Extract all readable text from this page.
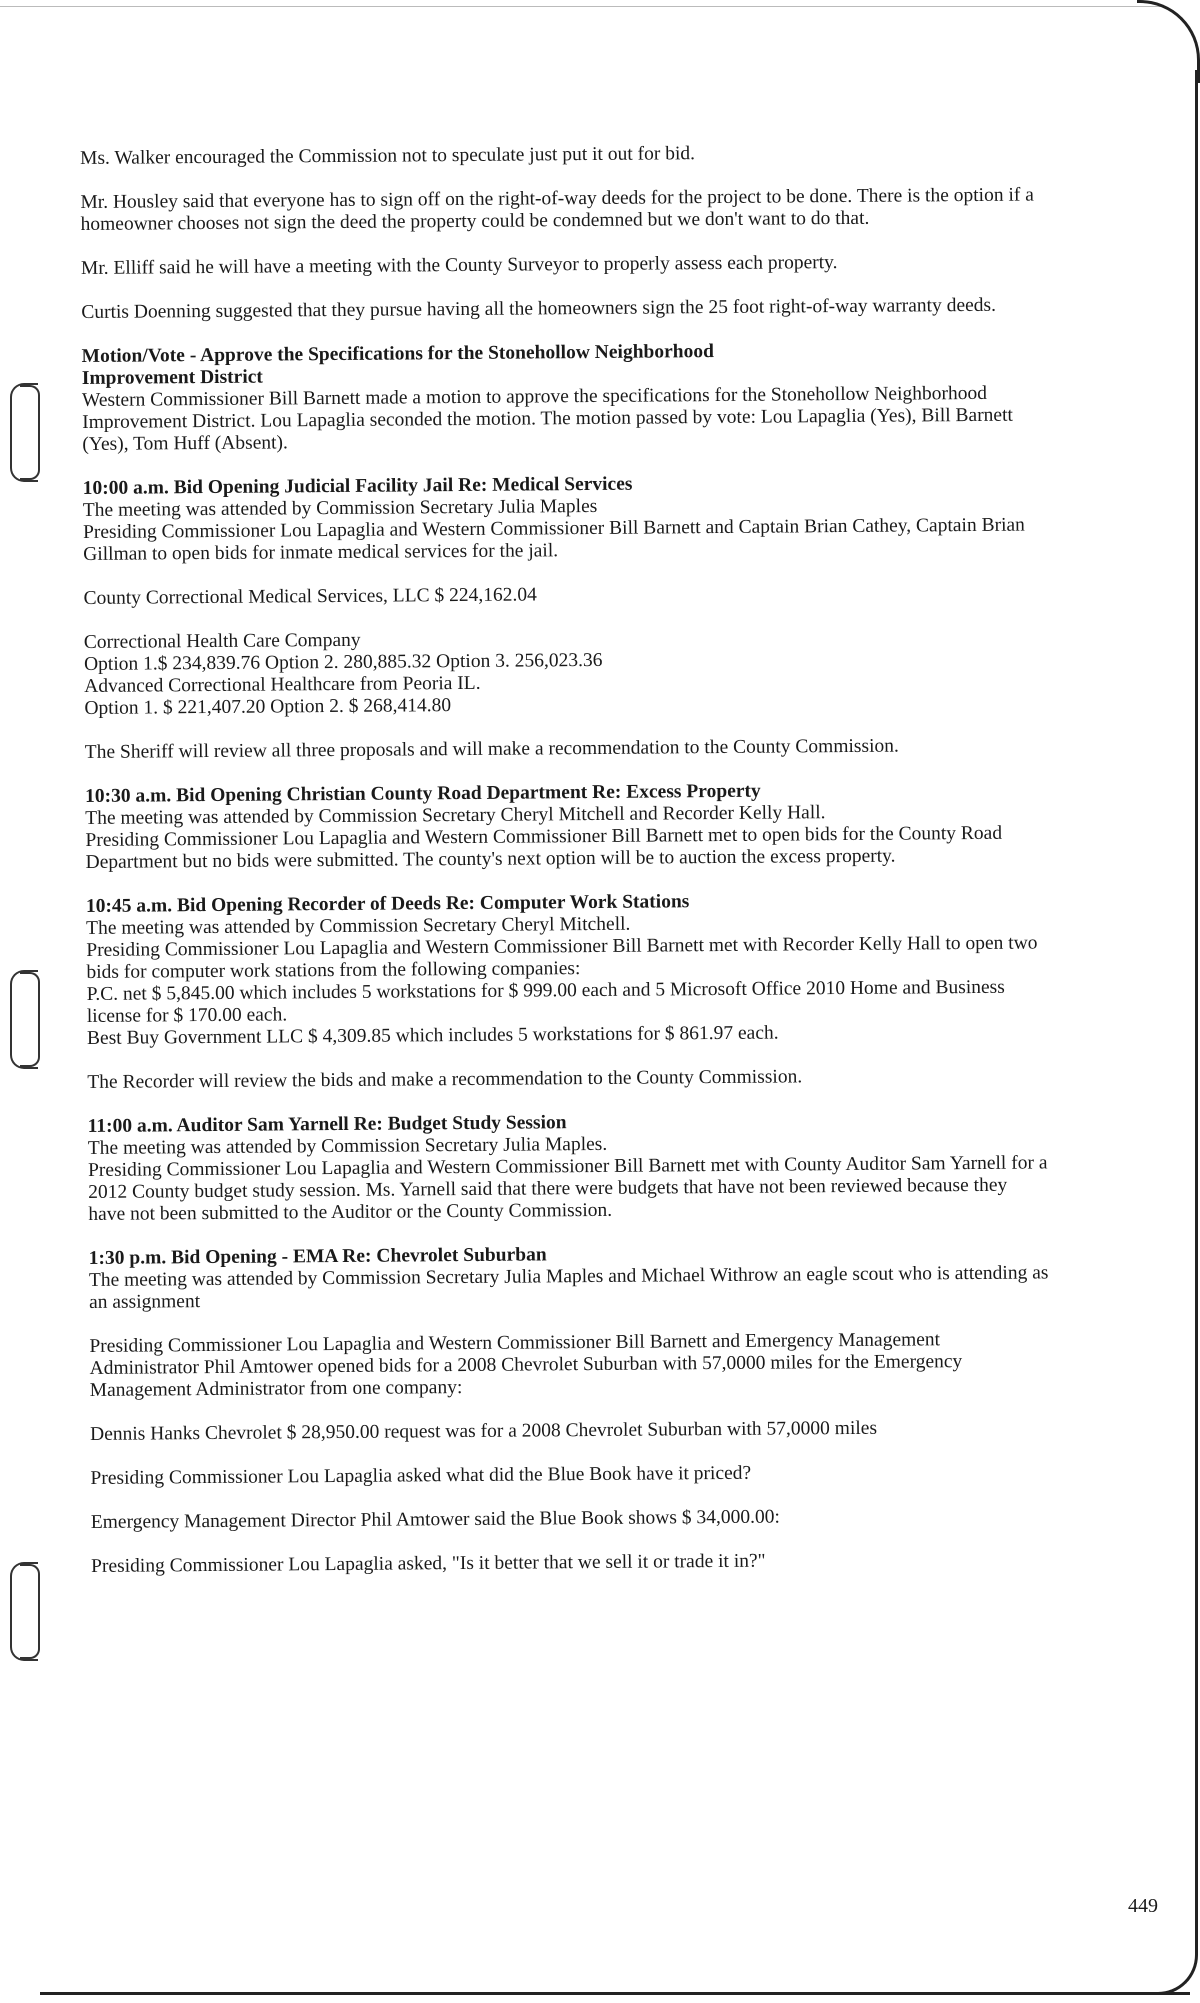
Ms. Walker encouraged the Commission not to speculate just put it out for bid.

Mr. Housley said that everyone has to sign off on the right-of-way deeds for the project to be done. There is the option if a homeowner chooses not sign the deed the property could be condemned but we don't want to do that.

Mr. Elliff said he will have a meeting with the County Surveyor to properly assess each property.

Curtis Doenning suggested that they pursue having all the homeowners sign the 25 foot right-of-way warranty deeds.

Motion/Vote - Approve the Specifications for the Stonehollow Neighborhood

Improvement District

Western Commissioner Bill Barnett made a motion to approve the specifications for the Stonehollow Neighborhood Improvement District. Lou Lapaglia seconded the motion. The motion passed by vote: Lou Lapaglia (Yes), Bill Barnett (Yes), Tom Huff (Absent).

10:00 a.m. Bid Opening Judicial Facility Jail Re: Medical Services

The meeting was attended by Commission Secretary Julia Maples

Presiding Commissioner Lou Lapaglia and Western Commissioner Bill Barnett and Captain Brian Cathey, Captain Brian Gillman to open bids for inmate medical services for the jail.

County Correctional Medical Services, LLC $ 224,162.04

Correctional Health Care Company

Option 1.$ 234,839.76 Option 2. 280,885.32 Option 3. 256,023.36

Advanced Correctional Healthcare from Peoria IL.

Option 1. $ 221,407.20 Option 2. $ 268,414.80

The Sheriff will review all three proposals and will make a recommendation to the County Commission.

10:30 a.m. Bid Opening Christian County Road Department Re: Excess Property

The meeting was attended by Commission Secretary Cheryl Mitchell and Recorder Kelly Hall.

Presiding Commissioner Lou Lapaglia and Western Commissioner Bill Barnett met to open bids for the County Road Department but no bids were submitted. The county's next option will be to auction the excess property.

10:45 a.m. Bid Opening Recorder of Deeds Re: Computer Work Stations

The meeting was attended by Commission Secretary Cheryl Mitchell.

Presiding Commissioner Lou Lapaglia and Western Commissioner Bill Barnett met with Recorder Kelly Hall to open two bids for computer work stations from the following companies:

P.C. net $ 5,845.00 which includes 5 workstations for $ 999.00 each and 5 Microsoft Office 2010 Home and Business license for $ 170.00 each.

Best Buy Government LLC $ 4,309.85 which includes 5 workstations for $ 861.97 each.

The Recorder will review the bids and make a recommendation to the County Commission.

11:00 a.m. Auditor Sam Yarnell Re: Budget Study Session

The meeting was attended by Commission Secretary Julia Maples.

Presiding Commissioner Lou Lapaglia and Western Commissioner Bill Barnett met with County Auditor Sam Yarnell for a 2012 County budget study session. Ms. Yarnell said that there were budgets that have not been reviewed because they have not been submitted to the Auditor or the County Commission.

1:30 p.m. Bid Opening - EMA Re: Chevrolet Suburban

The meeting was attended by Commission Secretary Julia Maples and Michael Withrow an eagle scout who is attending as an assignment

Presiding Commissioner Lou Lapaglia and Western Commissioner Bill Barnett and Emergency Management Administrator Phil Amtower opened bids for a 2008 Chevrolet Suburban with 57,0000 miles for the Emergency Management Administrator from one company:

Dennis Hanks Chevrolet $ 28,950.00 request was for a 2008 Chevrolet Suburban with 57,0000 miles

Presiding Commissioner Lou Lapaglia asked what did the Blue Book have it priced?

Emergency Management Director Phil Amtower said the Blue Book shows $ 34,000.00:

Presiding Commissioner Lou Lapaglia asked, "Is it better that we sell it or trade it in?"

449
